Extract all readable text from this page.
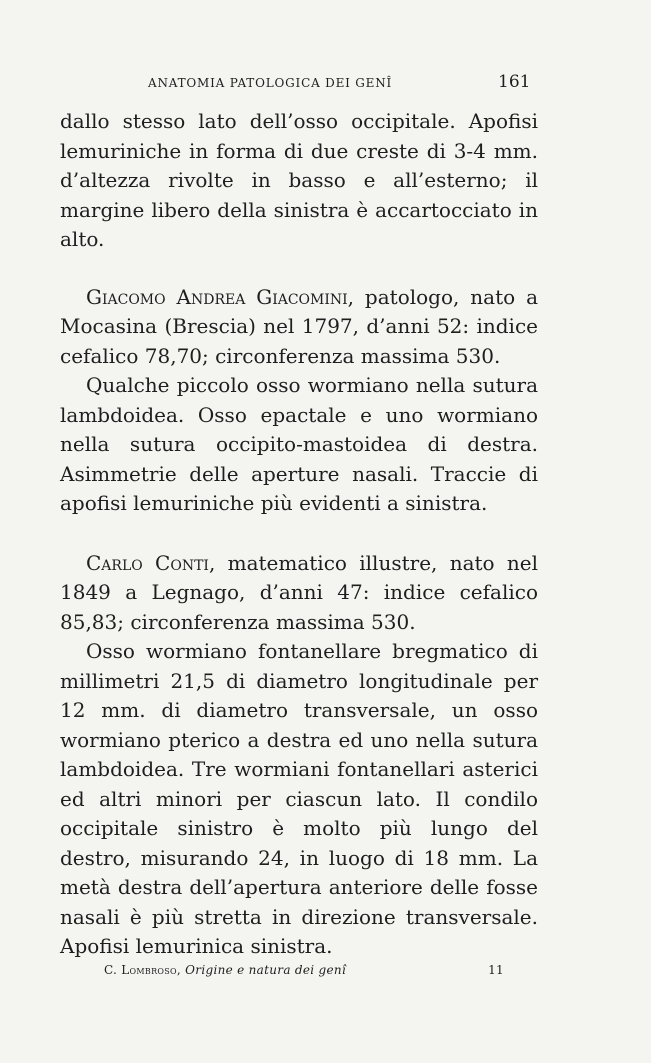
ANATOMIA PATOLOGICA DEI GENÎ	161

dallo stesso lato dell’osso occipitale. Apofisi lemuriniche in forma di due creste di 3-4 mm. d’altezza rivolte in basso e all’esterno; il margine libero della sinistra è accartocciato in alto.

Giacomo Andrea Giacomini, patologo, nato a Mocasina (Brescia) nel 1797, d’anni 52: indice cefalico 78,70; circonferenza massima 530.

Qualche piccolo osso wormiano nella sutura lambdoidea. Osso epactale e uno wormiano nella sutura occipito-mastoidea di destra. Asimmetrie delle aperture nasali. Traccie di apofisi lemuriniche più evidenti a sinistra.

Carlo Conti, matematico illustre, nato nel 1849 a Legnago, d’anni 47: indice cefalico 85,83; circonferenza massima 530.

Osso wormiano fontanellare bregmatico di millimetri 21,5 di diametro longitudinale per 12 mm. di diametro transversale, un osso wormiano pterico a destra ed uno nella sutura lambdoidea. Tre wormiani fontanellari asterici ed altri minori per ciascun lato. Il condilo occipitale sinistro è molto più lungo del destro, misurando 24, in luogo di 18 mm. La metà destra dell’apertura anteriore delle fosse nasali è più stretta in direzione transversale. Apofisi lemurinica sinistra.

C. Lombroso, Origine e natura dei genî	11
